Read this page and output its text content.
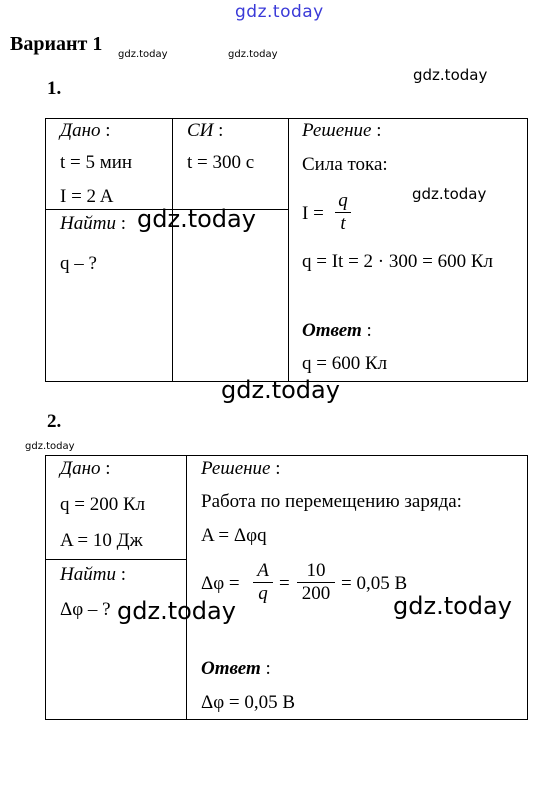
gdz.today
gdz.today	gdz.today
gdz.today
Вариант 1
1.
Дано :
t = 5 мин
I = 2 A
Найти :
q – ?
СИ :
t = 300 с
Решение :
Сила тока:
gdz.today
$I = \frac{q}{t}$
q = It = 2 · 300 = 600 Кл
Ответ :
q = 600 Кл
gdz.today
gdz.today
2.
gdz.today
Дано :
q = 200 Кл
A = 10 Дж
Найти :
Δφ – ?
Решение :
Работа по перемещению заряда:
A = Δφq
$\Delta\varphi = \frac{A}{q} = \frac{10}{200} = 0,05$ В
Ответ :
Δφ = 0,05 В
gdz.today	gdz.today
